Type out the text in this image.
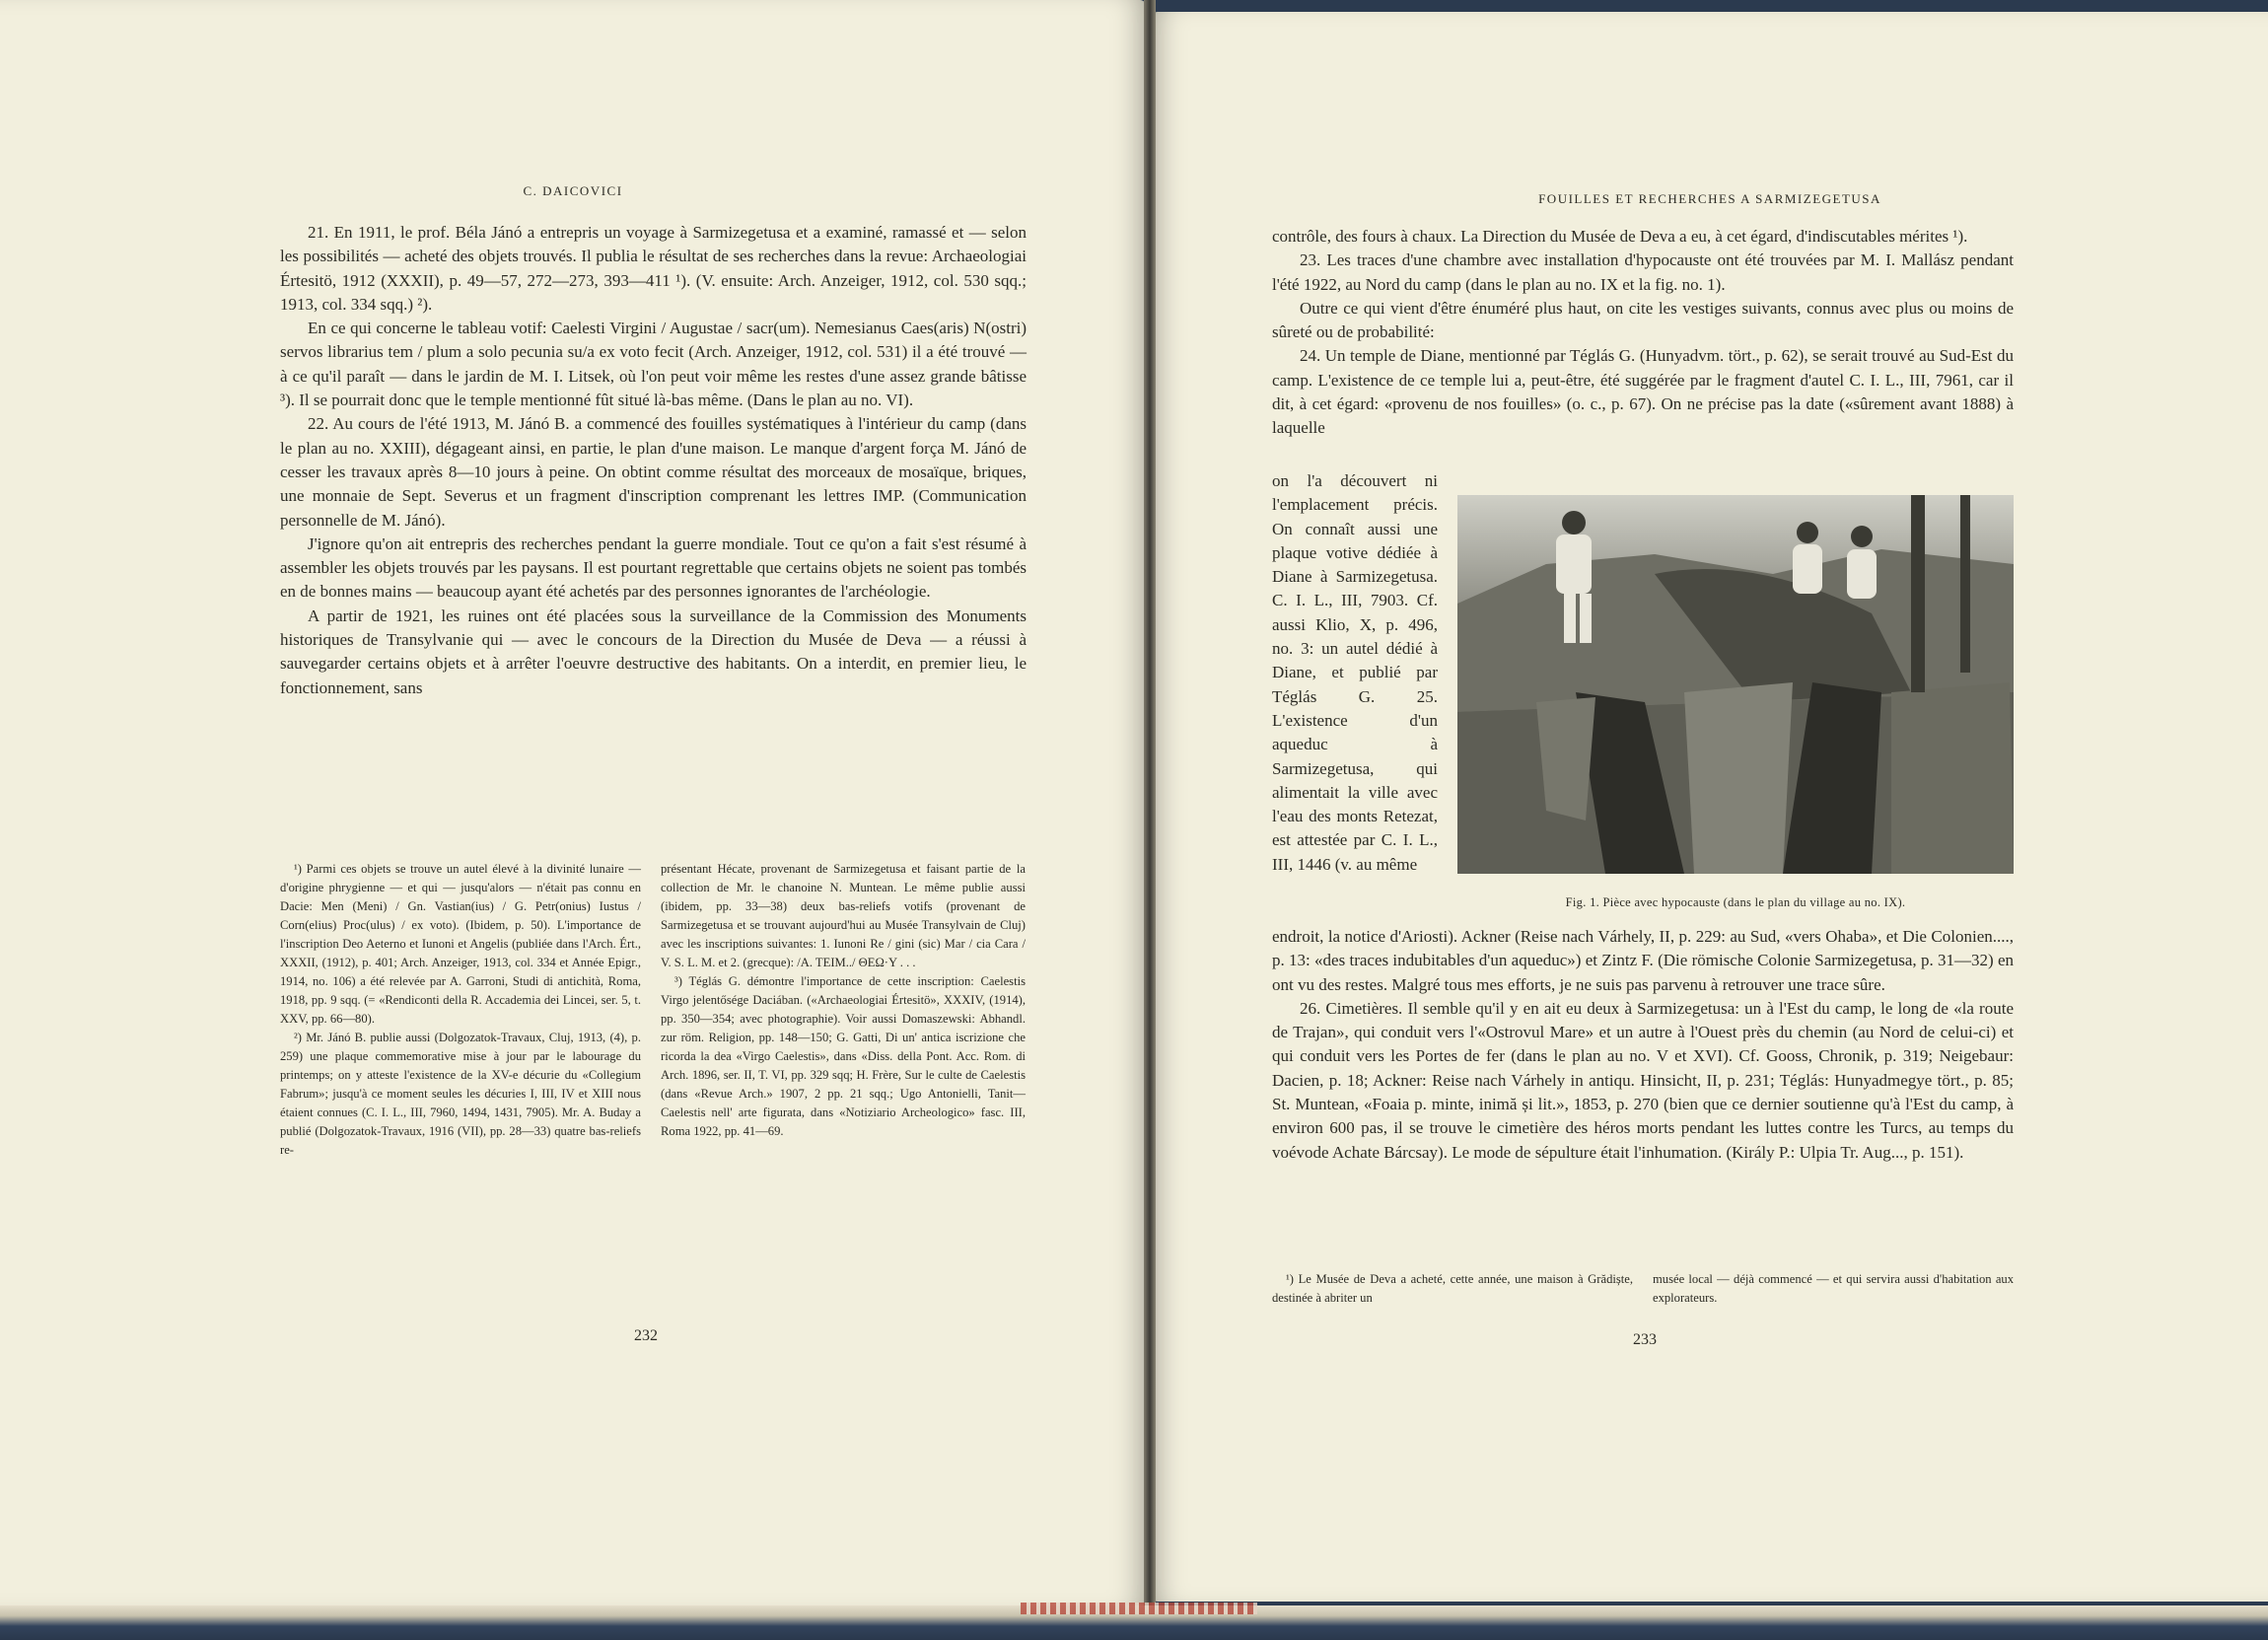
C. DAICOVICI

21. En 1911, le prof. Béla Jánó a entrepris un voyage à Sarmizegetusa et a examiné, ramassé et — selon les possibilités — acheté des objets trouvés. Il publia le résultat de ses recherches dans la revue: Archaeologiai Értesitö, 1912 (XXXII), p. 49—57, 272—273, 393—411 ¹). (V. ensuite: Arch. Anzeiger, 1912, col. 530 sqq.; 1913, col. 334 sqq.) ²).

En ce qui concerne le tableau votif: Caelesti Virgini / Augustae / sacr(um). Nemesianus Caes(aris) N(ostri) servos librarius tem / plum a solo pecunia su/a ex voto fecit (Arch. Anzeiger, 1912, col. 531) il a été trouvé — à ce qu'il paraît — dans le jardin de M. I. Litsek, où l'on peut voir même les restes d'une assez grande bâtisse ³). Il se pourrait donc que le temple mentionné fût situé là-bas même. (Dans le plan au no. VI).

22. Au cours de l'été 1913, M. Jánó B. a commencé des fouilles systématiques à l'intérieur du camp (dans le plan au no. XXIII), dégageant ainsi, en partie, le plan d'une maison. Le manque d'argent força M. Jánó de cesser les travaux après 8—10 jours à peine. On obtint comme résultat des morceaux de mosaïque, briques, une monnaie de Sept. Severus et un fragment d'inscription comprenant les lettres IMP. (Communication personnelle de M. Jánó).

J'ignore qu'on ait entrepris des recherches pendant la guerre mondiale. Tout ce qu'on a fait s'est résumé à assembler les objets trouvés par les paysans. Il est pourtant regrettable que certains objets ne soient pas tombés en de bonnes mains — beaucoup ayant été achetés par des personnes ignorantes de l'archéologie.

A partir de 1921, les ruines ont été placées sous la surveillance de la Commission des Monuments historiques de Transylvanie qui — avec le concours de la Direction du Musée de Deva — a réussi à sauvegarder certains objets et à arrêter l'oeuvre destructive des habitants. On a interdit, en premier lieu, le fonctionnement, sans

¹) Parmi ces objets se trouve un autel élevé à la divinité lunaire — d'origine phrygienne — et qui — jusqu'alors — n'était pas connu en Dacie: Men (Meni) / Gn. Vastian(ius) / G. Petr(onius) Iustus / Corn(elius) Proc(ulus) / ex voto). (Ibidem, p. 50). L'importance de l'inscription Deo Aeterno et Iunoni et Angelis (publiée dans l'Arch. Ért., XXXII, (1912), p. 401; Arch. Anzeiger, 1913, col. 334 et Année Epigr., 1914, no. 106) a été relevée par A. Garroni, Studi di antichità, Roma, 1918, pp. 9 sqq. (= «Rendiconti della R. Accademia dei Lincei, ser. 5, t. XXV, pp. 66—80).

²) Mr. Jánó B. publie aussi (Dolgozatok-Travaux, Cluj, 1913, (4), p. 259) une plaque commemorative mise à jour par le labourage du printemps; on y atteste l'existence de la XV-e décurie du «Collegium Fabrum»; jusqu'à ce moment seules les décuries I, III, IV et XIII nous étaient connues (C. I. L., III, 7960, 1494, 1431, 7905). Mr. A. Buday a publié (Dolgozatok-Travaux, 1916 (VII), pp. 28—33) quatre bas-reliefs re-

présentant Hécate, provenant de Sarmizegetusa et faisant partie de la collection de Mr. le chanoine N. Muntean. Le même publie aussi (ibidem, pp. 33—38) deux bas-reliefs votifs (provenant de Sarmizegetusa et se trouvant aujourd'hui au Musée Transylvain de Cluj) avec les inscriptions suivantes: 1. Iunoni Re / gini (sic) Mar / cia Cara / V. S. L. M. et 2. (grecque): /A. TEIM../ ΘΕΩ·Υ . . .

³) Téglás G. démontre l'importance de cette inscription: Caelestis Virgo jelentősége Daciában. («Archaeologiai Értesitö», XXXIV, (1914), pp. 350—354; avec photographie). Voir aussi Domaszewski: Abhandl. zur röm. Religion, pp. 148—150; G. Gatti, Di un' antica iscrizione che ricorda la dea «Virgo Caelestis», dans «Diss. della Pont. Acc. Rom. di Arch. 1896, ser. II, T. VI, pp. 329 sqq; H. Frère, Sur le culte de Caelestis (dans «Revue Arch.» 1907, 2 pp. 21 sqq.; Ugo Antonielli, Tanit—Caelestis nell' arte figurata, dans «Notiziario Archeologico» fasc. III, Roma 1922, pp. 41—69.

232
FOUILLES ET RECHERCHES A SARMIZEGETUSA

contrôle, des fours à chaux. La Direction du Musée de Deva a eu, à cet égard, d'indiscutables mérites ¹).

23. Les traces d'une chambre avec installation d'hypocauste ont été trouvées par M. I. Mallász pendant l'été 1922, au Nord du camp (dans le plan au no. IX et la fig. no. 1).

Outre ce qui vient d'être énuméré plus haut, on cite les vestiges suivants, connus avec plus ou moins de sûreté ou de probabilité:

24. Un temple de Diane, mentionné par Téglás G. (Hunyadvm. tört., p. 62), se serait trouvé au Sud-Est du camp. L'existence de ce temple lui a, peut-être, été suggérée par le fragment d'autel C. I. L., III, 7961, car il dit, à cet égard: «provenu de nos fouilles» (o. c., p. 67). On ne précise pas la date («sûrement avant 1888) à laquelle

on l'a découvert ni l'emplacement précis. On connaît aussi une plaque votive dédiée à Diane à Sarmizegetusa. C. I. L., III, 7903. Cf. aussi Klio, X, p. 496, no. 3: un autel dédié à Diane, et publié par Téglás G. 25. L'existence d'un aqueduc à Sarmizegetusa, qui alimentait la ville avec l'eau des monts Retezat, est attestée par C. I. L., III, 1446 (v. au même

Fig. 1. Pièce avec hypocauste (dans le plan du village au no. IX).

endroit, la notice d'Ariosti). Ackner (Reise nach Várhely, II, p. 229: au Sud, «vers Ohaba», et Die Colonien...., p. 13: «des traces indubitables d'un aqueduc») et Zintz F. (Die römische Colonie Sarmizegetusa, p. 31—32) en ont vu des restes. Malgré tous mes efforts, je ne suis pas parvenu à retrouver une trace sûre.

26. Cimetières. Il semble qu'il y en ait eu deux à Sarmizegetusa: un à l'Est du camp, le long de «la route de Trajan», qui conduit vers l'«Ostrovul Mare» et un autre à l'Ouest près du chemin (au Nord de celui-ci) et qui conduit vers les Portes de fer (dans le plan au no. V et XVI). Cf. Gooss, Chronik, p. 319; Neigebaur: Dacien, p. 18; Ackner: Reise nach Várhely in antiqu. Hinsicht, II, p. 231; Téglás: Hunyadmegye tört., p. 85; St. Muntean, «Foaia p. minte, inimă și lit.», 1853, p. 270 (bien que ce dernier soutienne qu'à l'Est du camp, à environ 600 pas, il se trouve le cimetière des héros morts pendant les luttes contre les Turcs, au temps du voévode Achate Bárcsay). Le mode de sépulture était l'inhumation. (Király P.: Ulpia Tr. Aug..., p. 151).

¹) Le Musée de Deva a acheté, cette année, une maison à Grădiște, destinée à abriter un

musée local — déjà commencé — et qui servira aussi d'habitation aux explorateurs.

233
